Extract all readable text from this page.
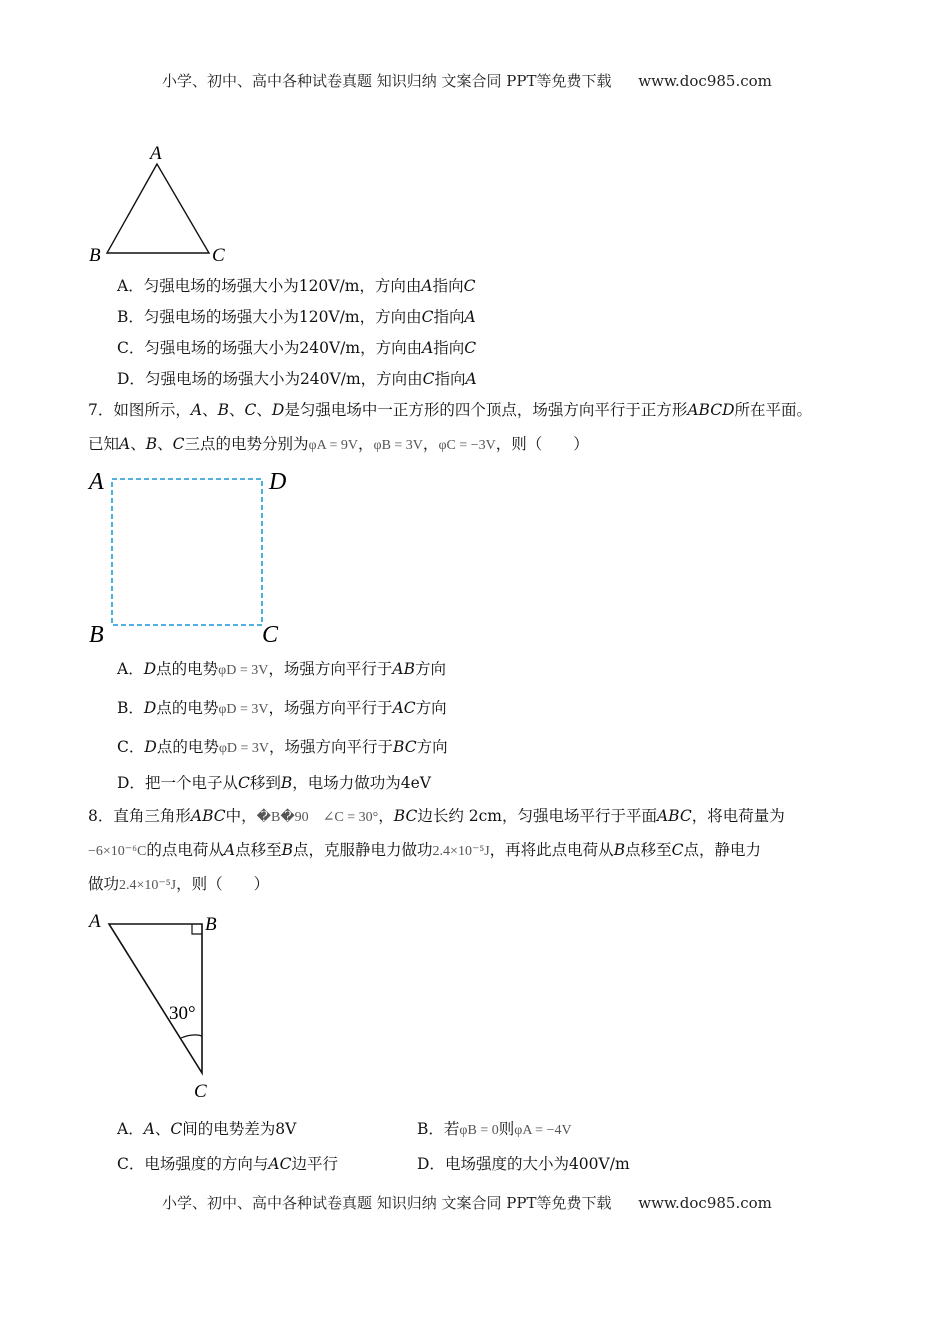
小学、初中、高中各种试卷真题 知识归纳 文案合同 PPT等免费下载 www.doc985.com
A
B	C
A．匀强电场的场强大小为120V/m，方向由A指向C
B．匀强电场的场强大小为120V/m，方向由C指向A
C．匀强电场的场强大小为240V/m，方向由A指向C
D．匀强电场的场强大小为240V/m，方向由C指向A
7．如图所示，A、B、C、D是匀强电场中一正方形的四个顶点，场强方向平行于正方形ABCD所在平面。
已知A、B、C三点的电势分别为φA = 9V，φB = 3V，φC = −3V，则（　　）
A	D
B	C
A．D点的电势φD = 3V，场强方向平行于AB方向
B．D点的电势φD = 3V，场强方向平行于AC方向
C．D点的电势φD = 3V，场强方向平行于BC方向
D．把一个电子从C移到B，电场力做功为4eV
8．直角三角形ABC中，�B�90 ∠C = 30°，BC边长约 2cm，匀强电场平行于平面ABC，将电荷量为
−6×10⁻⁶C的点电荷从A点移至B点，克服静电力做功2.4×10⁻⁵J，再将此点电荷从B点移至C点，静电力
做功2.4×10⁻⁵J，则（　　）
A	B
C
30°
A．A、C间的电势差为8V	B．若φB = 0则φA = −4V
C．电场强度的方向与AC边平行	D．电场强度的大小为400V/m
小学、初中、高中各种试卷真题 知识归纳 文案合同 PPT等免费下载 www.doc985.com
